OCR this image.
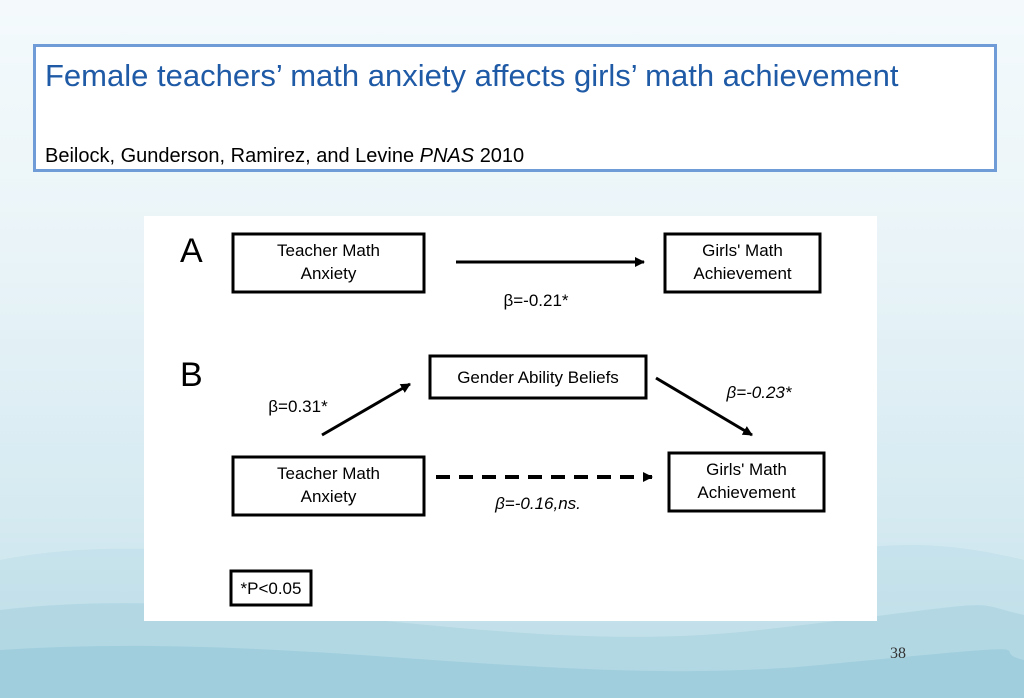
Female teachers’ math anxiety affects girls’ math achievement
Beilock, Gunderson, Ramirez, and Levine PNAS 2010
A	Teacher Math
Anxiety
Girls' Math
Achievement
β=-0.21*
B	Gender Ability Beliefs
Teacher Math
Anxiety
Girls' Math
Achievement
β=0.31*
β=-0.23*
β=-0.16,ns.
*P<0.05
38
